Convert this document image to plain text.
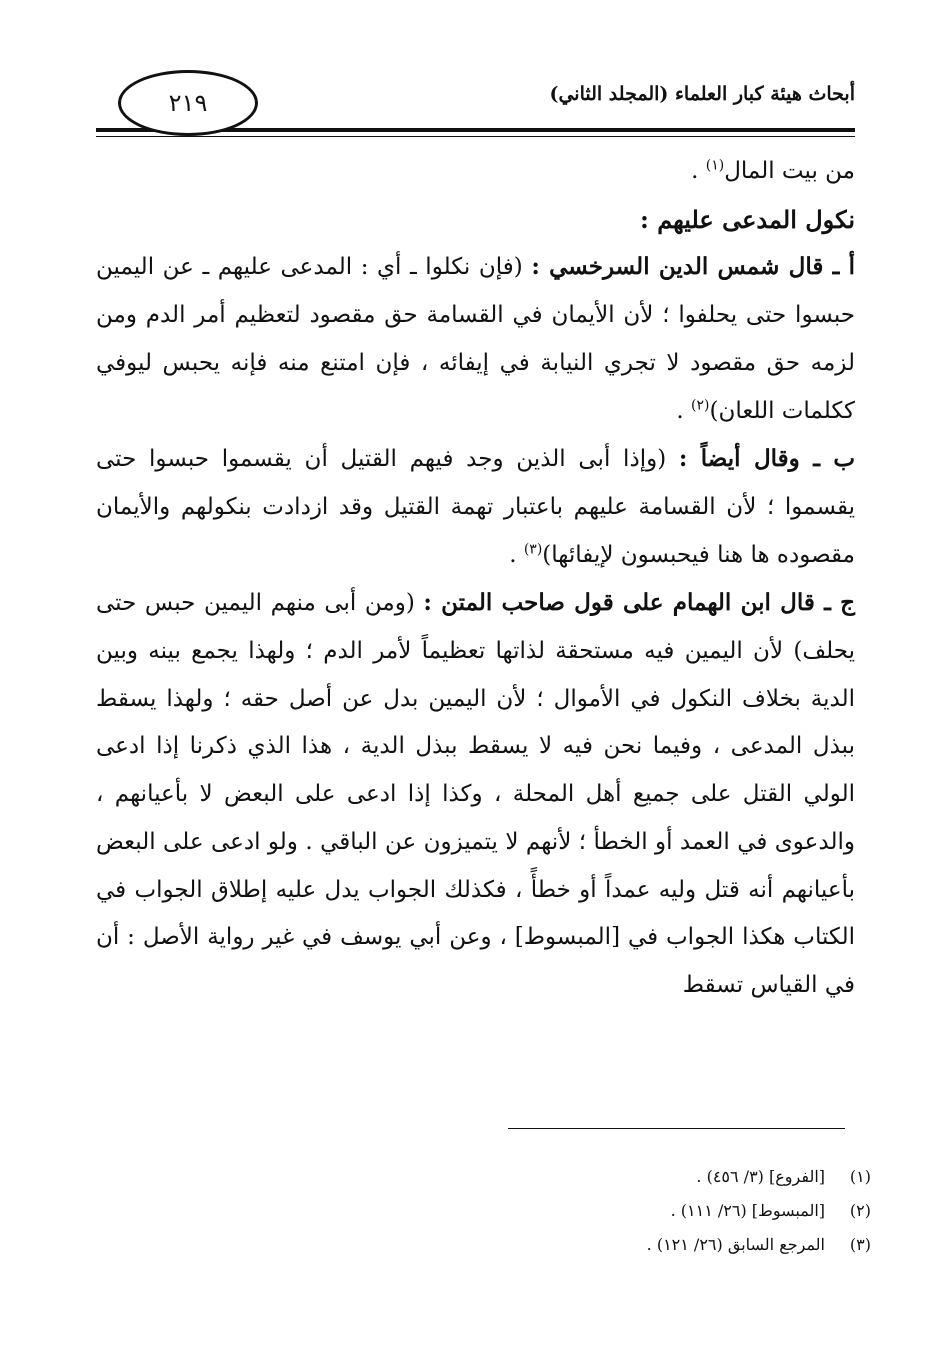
٢١٩	أبحاث هيئة كبار العلماء (المجلد الثاني)

من بيت المال$^{(١)}$ .

نكول المدعى عليهم :

أ ـ قال شمس الدين السرخسي : (فإن نكلوا ـ أي : المدعى عليهم ـ عن اليمين حبسوا حتى يحلفوا ؛ لأن الأيمان في القسامة حق مقصود لتعظيم أمر الدم ومن لزمه حق مقصود لا تجري النيابة في إيفائه ، فإن امتنع منه فإنه يحبس ليوفي ككلمات اللعان)$^{(٢)}$ .

ب ـ وقال أيضاً : (وإذا أبى الذين وجد فيهم القتيل أن يقسموا حبسوا حتى يقسموا ؛ لأن القسامة عليهم باعتبار تهمة القتيل وقد ازدادت بنكولهم والأيمان مقصوده ها هنا فيحبسون لإيفائها)$^{(٣)}$ .

ج ـ قال ابن الهمام على قول صاحب المتن : (ومن أبى منهم اليمين حبس حتى يحلف) لأن اليمين فيه مستحقة لذاتها تعظيماً لأمر الدم ؛ ولهذا يجمع بينه وبين الدية بخلاف النكول في الأموال ؛ لأن اليمين بدل عن أصل حقه ؛ ولهذا يسقط ببذل المدعى ، وفيما نحن فيه لا يسقط ببذل الدية ، هذا الذي ذكرنا إذا ادعى الولي القتل على جميع أهل المحلة ، وكذا إذا ادعى على البعض لا بأعيانهم ، والدعوى في العمد أو الخطأ ؛ لأنهم لا يتميزون عن الباقي . ولو ادعى على البعض بأعيانهم أنه قتل وليه عمداً أو خطأً ، فكذلك الجواب يدل عليه إطلاق الجواب في الكتاب هكذا الجواب في [المبسوط] ، وعن أبي يوسف في غير رواية الأصل : أن في القياس تسقط

(١)[الفروع] (٣/ ٤٥٦) .
(٢)[المبسوط] (٢٦/ ١١١) .
(٣)المرجع السابق (٢٦/ ١٢١) .
